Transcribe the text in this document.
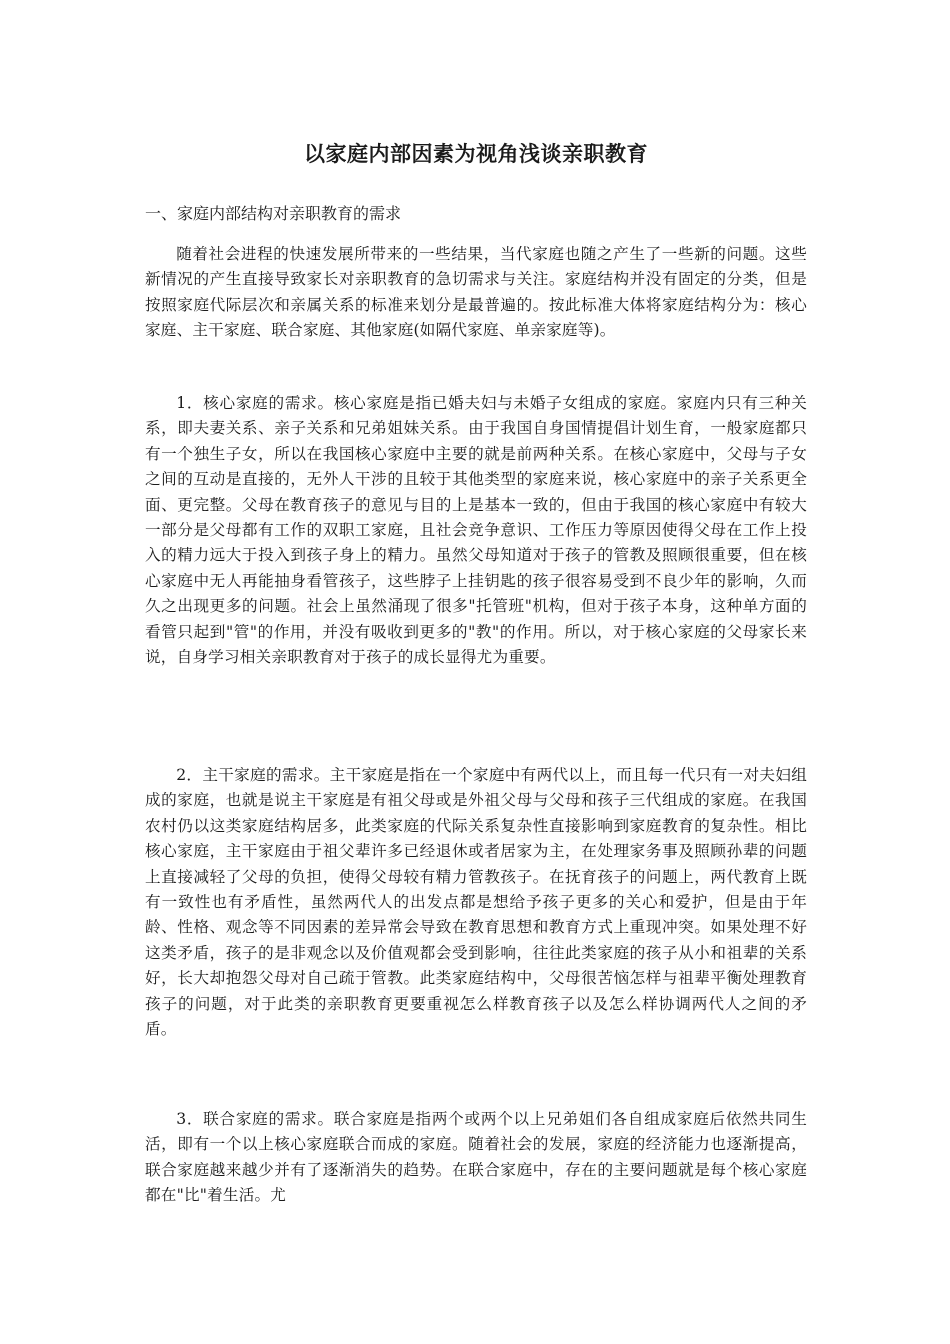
以家庭内部因素为视角浅谈亲职教育
一、家庭内部结构对亲职教育的需求

随着社会进程的快速发展所带来的一些结果，当代家庭也随之产生了一些新的问题。这些新情况的产生直接导致家长对亲职教育的急切需求与关注。家庭结构并没有固定的分类，但是按照家庭代际层次和亲属关系的标准来划分是最普遍的。按此标准大体将家庭结构分为：核心家庭、主干家庭、联合家庭、其他家庭(如隔代家庭、单亲家庭等)。

1．核心家庭的需求。核心家庭是指已婚夫妇与未婚子女组成的家庭。家庭内只有三种关系，即夫妻关系、亲子关系和兄弟姐妹关系。由于我国自身国情提倡计划生育，一般家庭都只有一个独生子女，所以在我国核心家庭中主要的就是前两种关系。在核心家庭中，父母与子女之间的互动是直接的，无外人干涉的且较于其他类型的家庭来说，核心家庭中的亲子关系更全面、更完整。父母在教育孩子的意见与目的上是基本一致的，但由于我国的核心家庭中有较大一部分是父母都有工作的双职工家庭，且社会竞争意识、工作压力等原因使得父母在工作上投入的精力远大于投入到孩子身上的精力。虽然父母知道对于孩子的管教及照顾很重要，但在核心家庭中无人再能抽身看管孩子，这些脖子上挂钥匙的孩子很容易受到不良少年的影响，久而久之出现更多的问题。社会上虽然涌现了很多"托管班"机构，但对于孩子本身，这种单方面的看管只起到"管"的作用，并没有吸收到更多的"教"的作用。所以，对于核心家庭的父母家长来说，自身学习相关亲职教育对于孩子的成长显得尤为重要。

2．主干家庭的需求。主干家庭是指在一个家庭中有两代以上，而且每一代只有一对夫妇组成的家庭，也就是说主干家庭是有祖父母或是外祖父母与父母和孩子三代组成的家庭。在我国农村仍以这类家庭结构居多，此类家庭的代际关系复杂性直接影响到家庭教育的复杂性。相比核心家庭，主干家庭由于祖父辈许多已经退休或者居家为主，在处理家务事及照顾孙辈的问题上直接减轻了父母的负担，使得父母较有精力管教孩子。在抚育孩子的问题上，两代教育上既有一致性也有矛盾性，虽然两代人的出发点都是想给予孩子更多的关心和爱护，但是由于年龄、性格、观念等不同因素的差异常会导致在教育思想和教育方式上重现冲突。如果处理不好这类矛盾，孩子的是非观念以及价值观都会受到影响，往往此类家庭的孩子从小和祖辈的关系好，长大却抱怨父母对自己疏于管教。此类家庭结构中，父母很苦恼怎样与祖辈平衡处理教育孩子的问题，对于此类的亲职教育更要重视怎么样教育孩子以及怎么样协调两代人之间的矛盾。

3．联合家庭的需求。联合家庭是指两个或两个以上兄弟姐们各自组成家庭后依然共同生活，即有一个以上核心家庭联合而成的家庭。随着社会的发展，家庭的经济能力也逐渐提高，联合家庭越来越少并有了逐渐消失的趋势。在联合家庭中，存在的主要问题就是每个核心家庭都在"比"着生活。尤
